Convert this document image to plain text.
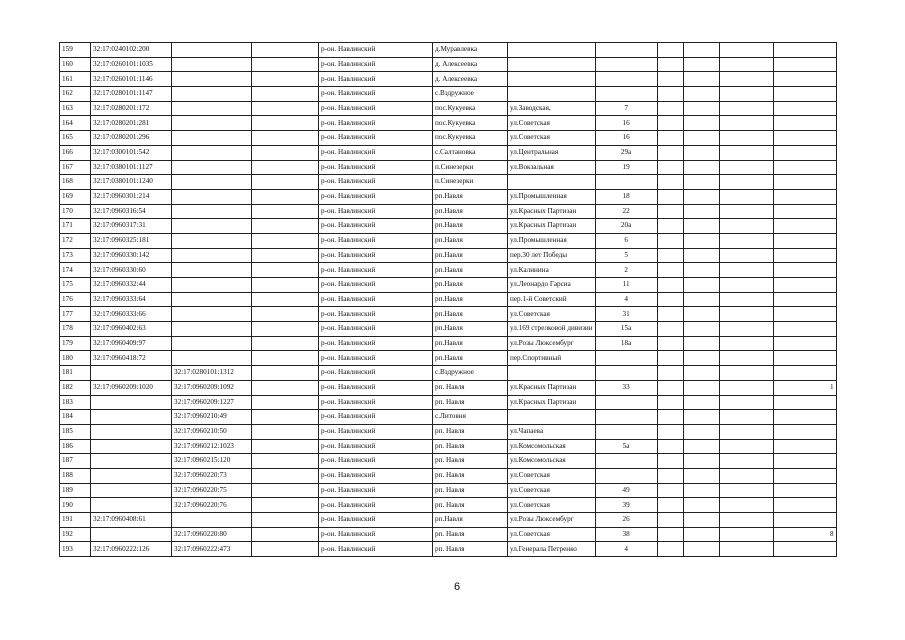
159	32:17:0240102:200			р-он. Навлинский	д.Муравлевка						
160	32:17:0260101:1035			р-он. Навлинский	д. Алексеевка						
161	32:17:0260101:1146			р-он. Навлинский	д. Алексеевка						
162	32:17:0280101:1147			р-он. Навлинский	с.Вздружное						
163	32:17:0280201:172			р-он. Навлинский	пос.Кукуевка	ул.Заводская,	7				
164	32:17:0280201:281			р-он. Навлинский	пос.Кукуевка	ул.Советская	16				
165	32:17:0280201:296			р-он. Навлинский	пос.Кукуевка	ул.Советская	16				
166	32:17:0300101:542			р-он. Навлинский	с.Салтановка	ул.Центральная	29а				
167	32:17:0380101:1127			р-он. Навлинский	п.Синезерки	ул.Вокзальная	19				
168	32:17:0380101:1240			р-он. Навлинский	п.Синезерки						
169	32:17:0960301:214			р-он. Навлинский	рп.Навля	ул.Промышленная	18				
170	32:17:0960316:54			р-он. Навлинский	рп.Навля	ул.Красных Партизан	22				
171	32:17:0960317:31			р-он. Навлинский	рп.Навля	ул.Красных Партизан	20а				
172	32:17:0960325:181			р-он. Навлинский	рп.Навля	ул.Промышленная	6				
173	32:17:0960330:142			р-он. Навлинский	рп.Навля	пер.30 лет Победы	5				
174	32:17:0960330:60			р-он. Навлинский	рп.Навля	ул.Калинина	2				
175	32:17:0960332:44			р-он. Навлинский	рп.Навля	ул.Леонардо Гарсиа	11				
176	32:17:0960333:64			р-он. Навлинский	рп.Навля	пер.1-й Советский	4				
177	32:17:0960333:66			р-он. Навлинский	рп.Навля	ул.Советская	31				
178	32:17:0960402:63			р-он. Навлинский	рп.Навля	ул.169 стрелковой дивизии	15а				
179	32:17:0960409:97			р-он. Навлинский	рп.Навля	ул.Розы Люксембург	18а				
180	32:17:0960418:72			р-он. Навлинский	рп.Навля	пер.Спортивный					
181		32:17:0280101:1312		р-он. Навлинский	с.Вздружное						
182	32:17:0960209:1020	32:17:0960209:1092		р-он. Навлинский	рп. Навля	ул.Красных Партизан	33				1
183		32:17:0960209:1227		р-он. Навлинский	рп. Навля	ул.Красных Партизан					
184		32:17:0960210:49		р-он. Навлинский	с.Литовня						
185		32:17:0960210:50		р-он. Навлинский	рп. Навля	ул.Чапаева					
186		32:17:0960212:1023		р-он. Навлинский	рп. Навля	ул.Комсомольская	5а				
187		32:17:0960215:120		р-он. Навлинский	рп. Навля	ул.Комсомольская					
188		32:17:0960220:73		р-он. Навлинский	рп. Навля	ул.Советская					
189		32:17:0960220:75		р-он. Навлинский	рп. Навля	ул.Советская	49				
190		32:17:0960220:76		р-он. Навлинский	рп. Навля	ул.Советская	39				
191	32:17:0960408:61			р-он. Навлинский	рп.Навля	ул.Розы Люксембург	26				
192		32:17:0960220:80		р-он. Навлинский	рп. Навля	ул.Советская	38				8
193	32:17:0960222:126	32:17:0960222:473		р-он. Навлинский	рп. Навля	ул.Генерала Петренко	4				
6
